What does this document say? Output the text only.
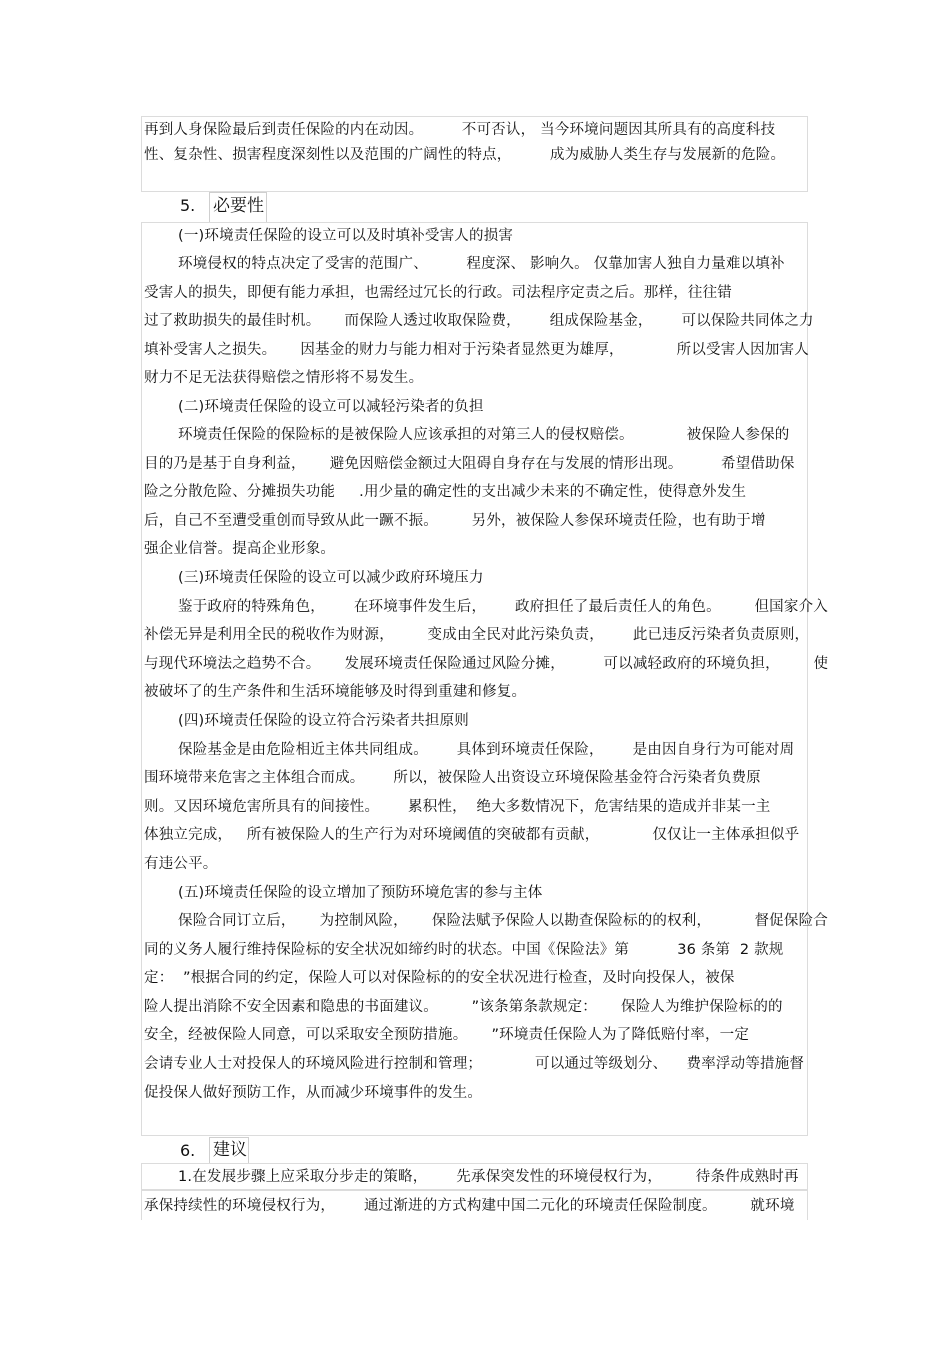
再到人身保险最后到责任保险的内在动因。        不可否认， 当今环境问题因其所具有的高度科技
性、复杂性、损害程度深刻性以及范围的广阔性的特点，        成为威胁人类生存与发展新的危险。
5. 必要性
(一)环境责任保险的设立可以及时填补受害人的损害
环境侵权的特点决定了受害的范围广、        程度深、 影响久。 仅靠加害人独自力量难以填补
受害人的损失，即便有能力承担，也需经过冗长的行政。司法程序定责之后。那样，往往错
过了救助损失的最佳时机。     而保险人透过收取保险费，      组成保险基金，      可以保险共同体之力
填补受害人之损失。     因基金的财力与能力相对于污染者显然更为雄厚，           所以受害人因加害人
财力不足无法获得赔偿之情形将不易发生。
(二)环境责任保险的设立可以减轻污染者的负担
环境责任保险的保险标的是被保险人应该承担的对第三人的侵权赔偿。           被保险人参保的
目的乃是基于自身利益，     避免因赔偿金额过大阻碍自身存在与发展的情形出现。        希望借助保
险之分散危险、分摊损失功能     .用少量的确定性的支出减少未来的不确定性，使得意外发生
后，自己不至遭受重创而导致从此一蹶不振。       另外，被保险人参保环境责任险，也有助于增
强企业信誉。提高企业形象。
(三)环境责任保险的设立可以减少政府环境压力
鉴于政府的特殊角色，      在环境事件发生后，      政府担任了最后责任人的角色。       但国家介入
补偿无异是利用全民的税收作为财源，       变成由全民对此污染负责，      此已违反污染者负责原则，
与现代环境法之趋势不合。     发展环境责任保险通过风险分摊，        可以减轻政府的环境负担，       使
被破坏了的生产条件和生活环境能够及时得到重建和修复。
(四)环境责任保险的设立符合污染者共担原则
保险基金是由危险相近主体共同组成。      具体到环境责任保险，      是由因自身行为可能对周
围环境带来危害之主体组合而成。      所以，被保险人出资设立环境保险基金符合污染者负费原
则。又因环境危害所具有的间接性。      累积性，  绝大多数情况下，危害结果的造成并非某一主
体独立完成，   所有被保险人的生产行为对环境阈值的突破都有贡献，           仅仅让一主体承担似乎
有违公平。
(五)环境责任保险的设立增加了预防环境危害的参与主体
保险合同订立后，     为控制风险，     保险法赋予保险人以勘查保险标的的权利，         督促保险合
同的义务人履行维持保险标的安全状况如缔约时的状态。中国《保险法》第          36 条第  2 款规
定：  ”根据合同的约定，保险人可以对保险标的的安全状况进行检查，及时向投保人，被保
险人提出消除不安全因素和隐患的书面建议。       ”该条第条款规定：     保险人为维护保险标的的
安全，经被保险人同意，可以采取安全预防措施。     ”环境责任保险人为了降低赔付率，一定
会请专业人士对投保人的环境风险进行控制和管理；           可以通过等级划分、    费率浮动等措施督
促投保人做好预防工作，从而减少环境事件的发生。
6. 建议
1.在发展步骤上应采取分步走的策略，      先承保突发性的环境侵权行为，       待条件成熟时再
承保持续性的环境侵权行为，      通过渐进的方式构建中国二元化的环境责任保险制度。       就环境
